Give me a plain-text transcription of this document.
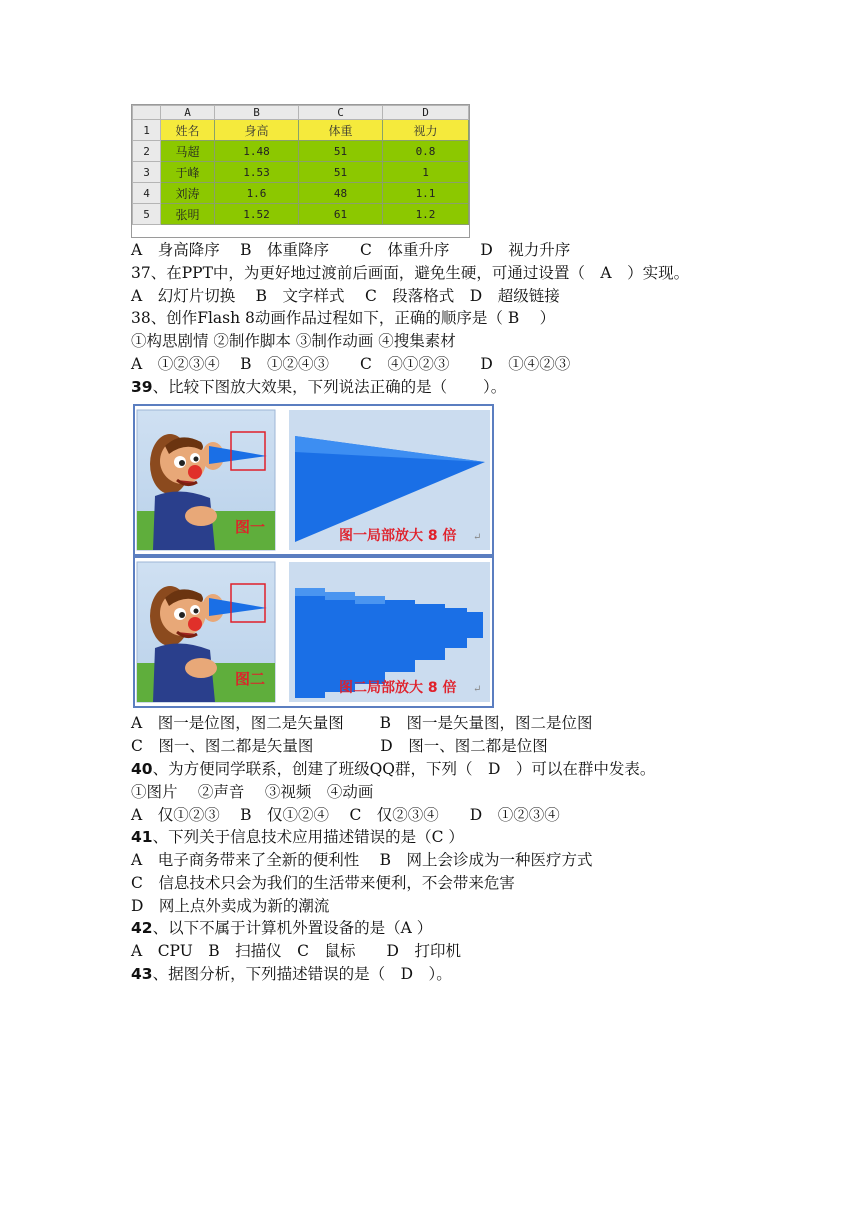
	A	B	C	D
1	姓名	身高	体重	视力
2	马超	1.48	51	0.8
3	于峰	1.53	51	1
4	刘涛	1.6	48	1.1
5	张明	1.52	61	1.2
A　身高降序　 B　体重降序　　C　体重升序　　D　视力升序
37、在PPT中，为更好地过渡前后画面，避免生硬，可通过设置（　A　）实现。
A　幻灯片切换　 B　文字样式　 C　段落格式　D　超级链接
38、创作Flash 8动画作品过程如下，正确的顺序是（ B　 ）
①构思剧情 ②制作脚本 ③制作动画 ④搜集素材
A　①②③④　 B　①②④③　　C　④①②③　　D　①④②③
39、比较下图放大效果，下列说法正确的是（　　 ）。
图一	图一局部放大 8 倍 ↵
图二	图二局部放大 8 倍 ↵
A　图一是位图，图二是矢量图　　 B　图一是矢量图，图二是位图
C　图一、图二都是矢量图　　　　 D　图一、图二都是位图
40、为方便同学联系，创建了班级QQ群，下列（　D　）可以在群中发表。
①图片　 ②声音　 ③视频　④动画
A　仅①②③　 B　仅①②④　 C　仅②③④　　D　①②③④
41、下列关于信息技术应用描述错误的是（C ）
A　电子商务带来了全新的便利性　 B　网上会诊成为一种医疗方式
C　信息技术只会为我们的生活带来便利，不会带来危害
D　网上点外卖成为新的潮流
42、以下不属于计算机外置设备的是（A ）
A　CPU　B　扫描仪　C　鼠标　　D　打印机
43、据图分析，下列描述错误的是（　D　）。
